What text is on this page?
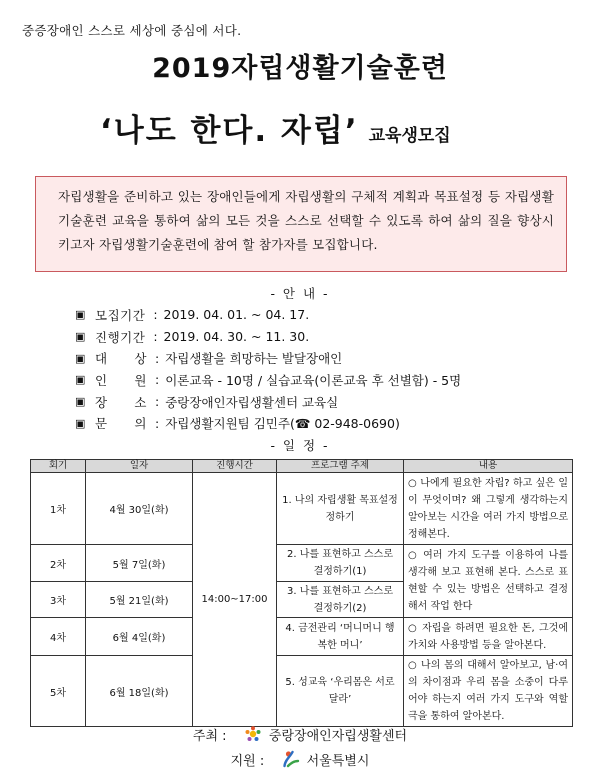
중증장애인 스스로 세상에 중심에 서다.
2019자립생활기술훈련
‘나도 한다. 자립’ 교육생모집
자립생활을 준비하고 있는 장애인들에게 자립생활의 구체적 계획과 목표설정 등 자립생활기술훈련 교육을 통하여 삶의 모든 것을 스스로 선택할 수 있도록 하여 삶의 질을 향상시키고자 자립생활기술훈련에 참여 할 참가자를 모집합니다.
- 안 내 -
▣ 모집기간 : 2019. 04. 01. ~ 04. 17.
▣ 진행기간 : 2019. 04. 30. ~ 11. 30.
▣ 대      상 : 자립생활을 희망하는 발달장애인
▣ 인      원 : 이론교육 - 10명 / 실습교육(이론교육 후 선별함) - 5명
▣ 장      소 : 중랑장애인자립생활센터 교육실
▣ 문      의 : 자립생활지원팀 김민주(☎ 02-948-0690)
- 일 정 -
회기	일자	진행시간	프로그램 주제	내용
1차	4월 30일(화)	14:00~17:00	1. 나의 자립생활 목표설정 정하기	○ 나에게 필요한 자립? 하고 싶은 일이 무엇이며? 왜 그렇게 생각하는지 알아보는 시간을 여러 가지 방법으로 정해본다.
2차	5월 7일(화)		2. 나를 표현하고 스스로 결정하기(1)	○ 여러 가지 도구를 이용하여 나를 생각해 보고 표현해 본다. 스스로 표현할 수 있는 방법은 선택하고 결정해서 작업 한다
3차	5월 21일(화)		3. 나를 표현하고 스스로 결정하기(2)	
4차	6월 4일(화)		4. 금전관리 ‘머니머니 행복한 머니’	○ 자립을 하려면 필요한 돈, 그것에 가치와 사용방법 등을 알아본다.
5차	6월 18일(화)		5. 성교육 ‘우리몸은 서로 달라’	○ 나의 몸의 대해서 알아보고, 남·여의 차이점과 우리 몸을 소중이 다루어야 하는지 여러 가지 도구와 역할극을 통하여 알아본다.
주최 :	중랑장애인자립생활센터
지원 :	서울특별시
